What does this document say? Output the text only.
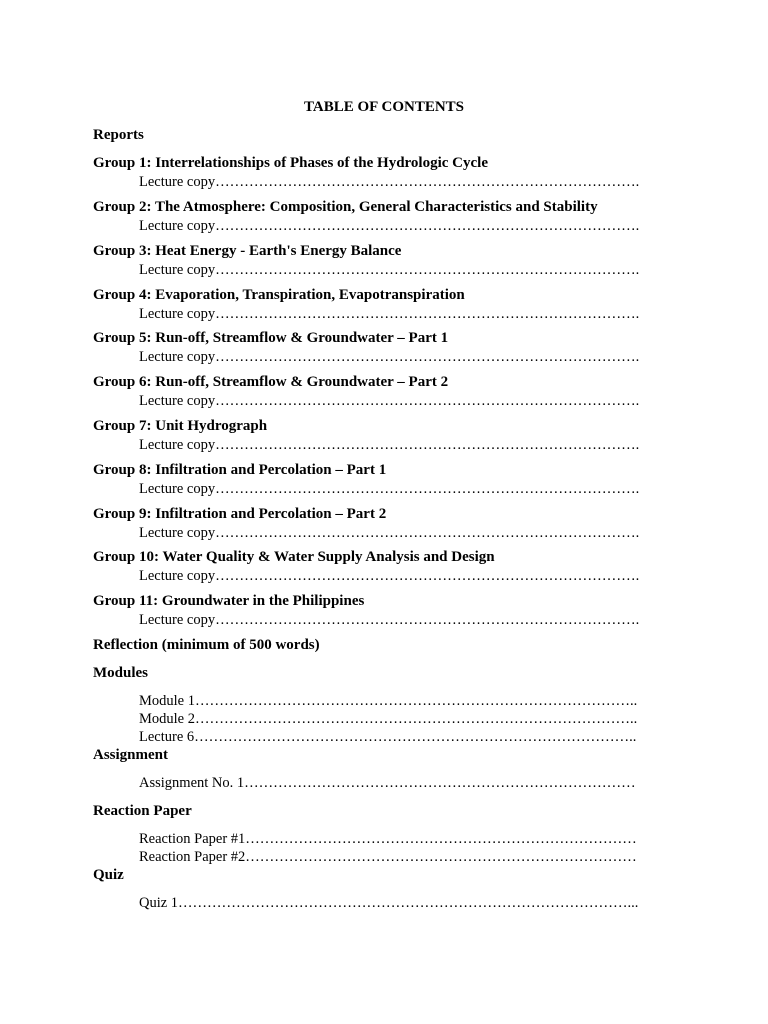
TABLE OF CONTENTS
Reports
Group 1: Interrelationships of Phases of the Hydrologic Cycle
Lecture copy…………………………………………………………………………….
Group 2: The Atmosphere: Composition, General Characteristics and Stability
Lecture copy…………………………………………………………………………….
Group 3: Heat Energy - Earth's Energy Balance
Lecture copy…………………………………………………………………………….
Group 4: Evaporation, Transpiration, Evapotranspiration
Lecture copy…………………………………………………………………………….
Group 5: Run-off, Streamflow & Groundwater – Part 1
Lecture copy…………………………………………………………………………….
Group 6: Run-off, Streamflow & Groundwater – Part 2
Lecture copy…………………………………………………………………………….
Group 7: Unit Hydrograph
Lecture copy…………………………………………………………………………….
Group 8: Infiltration and Percolation – Part 1
Lecture copy…………………………………………………………………………….
Group 9: Infiltration and Percolation – Part 2
Lecture copy…………………………………………………………………………….
Group 10: Water Quality & Water Supply Analysis and Design
Lecture copy…………………………………………………………………………….
Group 11: Groundwater in the Philippines
Lecture copy…………………………………………………………………………….
Reflection (minimum of 500 words)
Modules
Module 1………………………………………………………………………………..
Module 2………………………………………………………………………………..
Lecture 6………………………………………………………………………………..
Assignment
Assignment No. 1………………………………………………………………………
Reaction Paper
Reaction Paper #1………………………………………………………………………
Reaction Paper #2………………………………………………………………………
Quiz
Quiz 1…………………………………………………………………………………...
